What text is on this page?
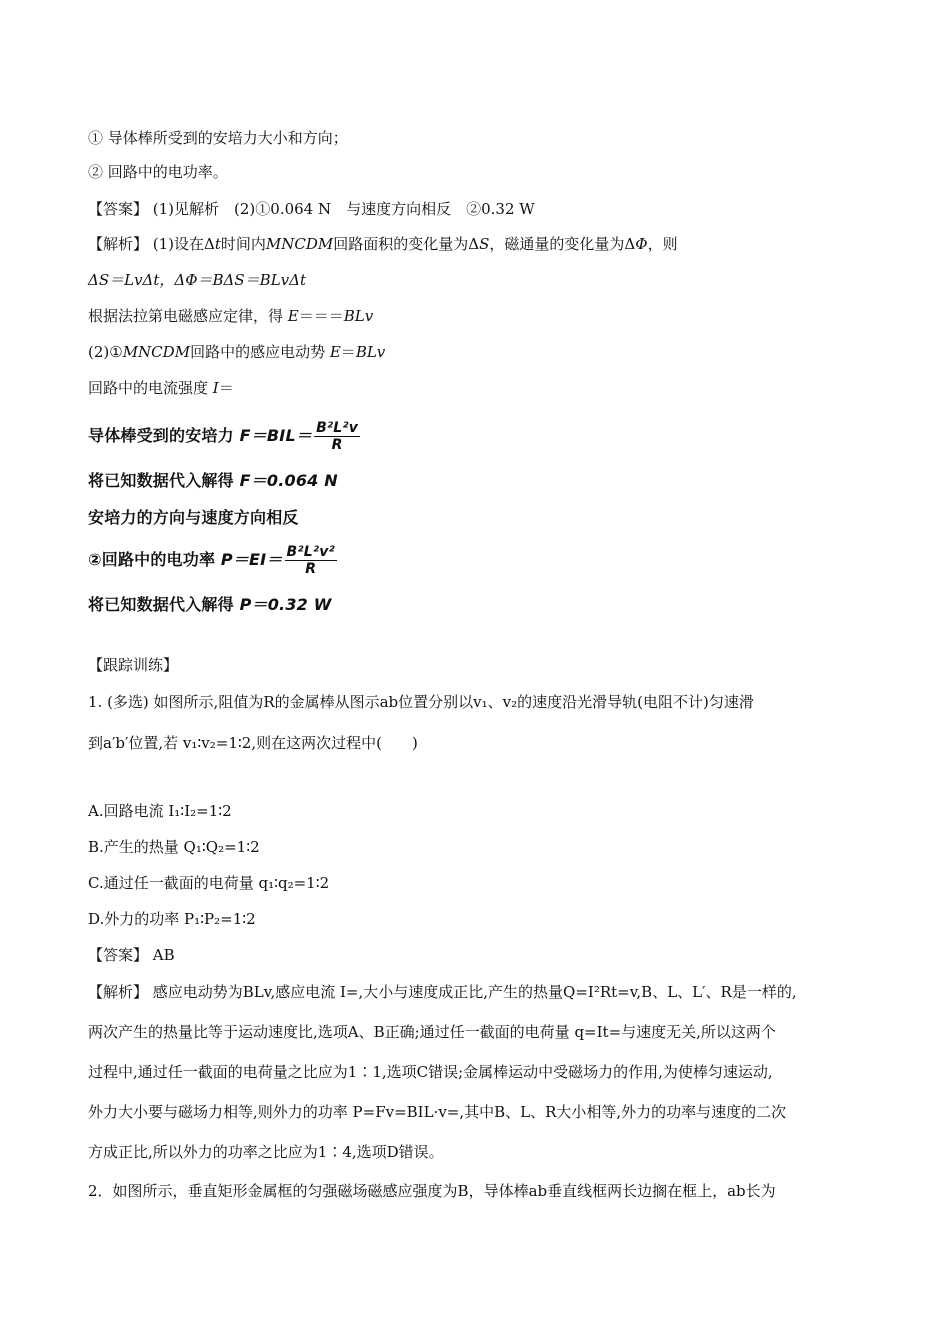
① 导体棒所受到的安培力大小和方向；
② 回路中的电功率。
【答案】 (1)见解析　(2)①0.064 N　与速度方向相反　②0.32 W
【解析】 (1)设在Δt时间内MNCDM回路面积的变化量为ΔS，磁通量的变化量为ΔΦ，则
ΔS＝LvΔt，ΔΦ＝BΔS＝BLvΔt
根据法拉第电磁感应定律，得 E＝＝＝BLv
(2)①MNCDM回路中的感应电动势 E＝BLv
回路中的电流强度 I＝
导体棒受到的安培力 $F=BIL= \frac{\text{B²L²v}}{R}$
将已知数据代入解得 F＝0.064 N
安培力的方向与速度方向相反
②回路中的电功率 $P=EI= \frac{\text{B²L²v²}}{R}$
将已知数据代入解得 P＝0.32 W
【跟踪训练】
1. (多选) 如图所示,阻值为R的金属棒从图示ab位置分别以v₁、v₂的速度沿光滑导轨(电阻不计)匀速滑
到a′b′位置,若 v₁∶v₂=1∶2,则在这两次过程中(　　)
A.回路电流 I₁∶I₂=1∶2
B.产生的热量 Q₁∶Q₂=1∶2
C.通过任一截面的电荷量 q₁∶q₂=1∶2
D.外力的功率 P₁∶P₂=1∶2
【答案】 AB
【解析】 感应电动势为BLv,感应电流 I=,大小与速度成正比,产生的热量Q=I²Rt=v,B、L、L′、R是一样的,
两次产生的热量比等于运动速度比,选项A、B正确;通过任一截面的电荷量 q=It=与速度无关,所以这两个
过程中,通过任一截面的电荷量之比应为1∶1,选项C错误;金属棒运动中受磁场力的作用,为使棒匀速运动,
外力大小要与磁场力相等,则外力的功率 P=Fv=BIL·v=,其中B、L、R大小相等,外力的功率与速度的二次
方成正比,所以外力的功率之比应为1∶4,选项D错误。
2．如图所示，垂直矩形金属框的匀强磁场磁感应强度为B，导体棒ab垂直线框两长边搁在框上，ab长为
